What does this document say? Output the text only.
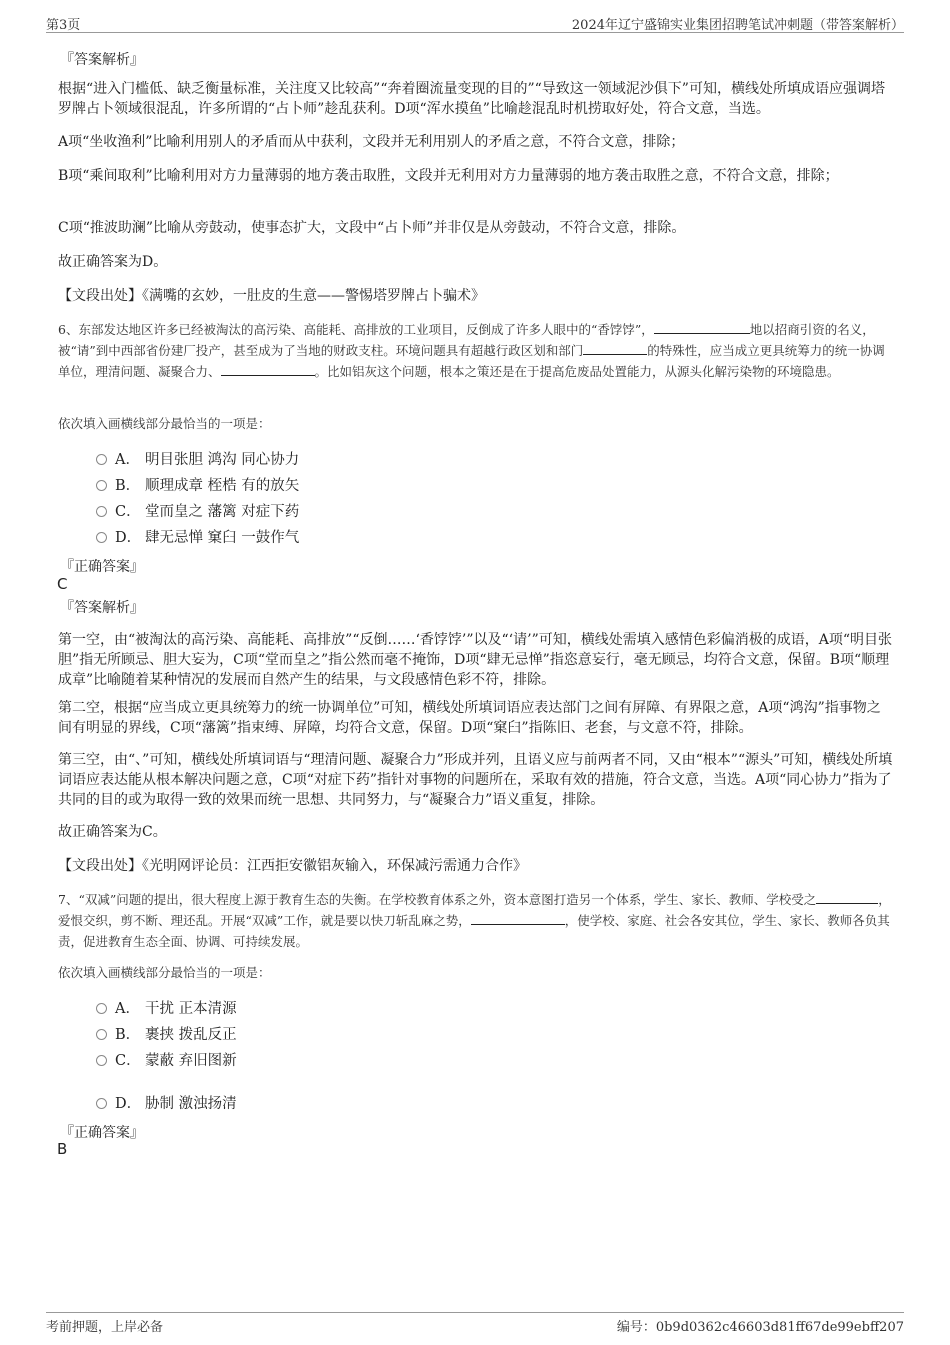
第3页	2024年辽宁盛锦实业集团招聘笔试冲刺题（带答案解析）
『答案解析』

根据“进入门槛低、缺乏衡量标准，关注度又比较高”“奔着圈流量变现的目的”“导致这一领域泥沙俱下”可知，横线处所填成语应强调塔罗牌占卜领域很混乱，许多所谓的“占卜师”趁乱获利。D项“浑水摸鱼”比喻趁混乱时机捞取好处，符合文意，当选。

A项“坐收渔利”比喻利用别人的矛盾而从中获利，文段并无利用别人的矛盾之意，不符合文意，排除；

B项“乘间取利”比喻利用对方力量薄弱的地方袭击取胜，文段并无利用对方力量薄弱的地方袭击取胜之意，不符合文意，排除；

C项“推波助澜”比喻从旁鼓动，使事态扩大，文段中“占卜师”并非仅是从旁鼓动，不符合文意，排除。

故正确答案为D。

【文段出处】《满嘴的玄妙，一肚皮的生意——警惕塔罗牌占卜骗术》

6、东部发达地区许多已经被淘汰的高污染、高能耗、高排放的工业项目，反倒成了许多人眼中的“香饽饽”，	地以招商引资的名义，被“请”到中西部省份建厂投产，甚至成为了当地的财政支柱。环境问题具有超越行政区划和部门	的特殊性，应当成立更具统筹力的统一协调单位，理清问题、凝聚合力、	。比如铝灰这个问题，根本之策还是在于提高危废品处置能力，从源头化解污染物的环境隐患。

依次填入画横线部分最恰当的一项是：

A． 明目张胆 鸿沟 同心协力
B． 顺理成章 桎梏 有的放矢
C． 堂而皇之 藩篱 对症下药
D． 肆无忌惮 窠臼 一鼓作气
『正确答案』
C
『答案解析』

第一空，由“被淘汰的高污染、高能耗、高排放”“反倒……‘香饽饽’”以及“‘请’”可知，横线处需填入感情色彩偏消极的成语，A项“明目张胆”指无所顾忌、胆大妄为，C项“堂而皇之”指公然而毫不掩饰，D项“肆无忌惮”指恣意妄行，毫无顾忌，均符合文意，保留。B项“顺理成章”比喻随着某种情况的发展而自然产生的结果，与文段感情色彩不符，排除。

第二空，根据“应当成立更具统筹力的统一协调单位”可知，横线处所填词语应表达部门之间有屏障、有界限之意，A项“鸿沟”指事物之间有明显的界线，C项“藩篱”指束缚、屏障，均符合文意，保留。D项“窠臼”指陈旧、老套，与文意不符，排除。

第三空，由“、”可知，横线处所填词语与“理清问题、凝聚合力”形成并列，且语义应与前两者不同，又由“根本”“源头”可知，横线处所填词语应表达能从根本解决问题之意，C项“对症下药”指针对事物的问题所在，采取有效的措施，符合文意，当选。A项“同心协力”指为了共同的目的或为取得一致的效果而统一思想、共同努力，与“凝聚合力”语义重复，排除。

故正确答案为C。

【文段出处】《光明网评论员：江西拒安徽铝灰输入，环保减污需通力合作》

7、“双减”问题的提出，很大程度上源于教育生态的失衡。在学校教育体系之外，资本意图打造另一个体系，学生、家长、教师、学校受之	，爱恨交织，剪不断、理还乱。开展“双减”工作，就是要以快刀斩乱麻之势，	，使学校、家庭、社会各安其位，学生、家长、教师各负其责，促进教育生态全面、协调、可持续发展。

依次填入画横线部分最恰当的一项是：

A． 干扰 正本清源
B． 裹挟 拨乱反正
C． 蒙蔽 弃旧图新
D． 胁制 激浊扬清
『正确答案』
B
考前押题，上岸必备	编号：0b9d0362c46603d81ff67de99ebff207
